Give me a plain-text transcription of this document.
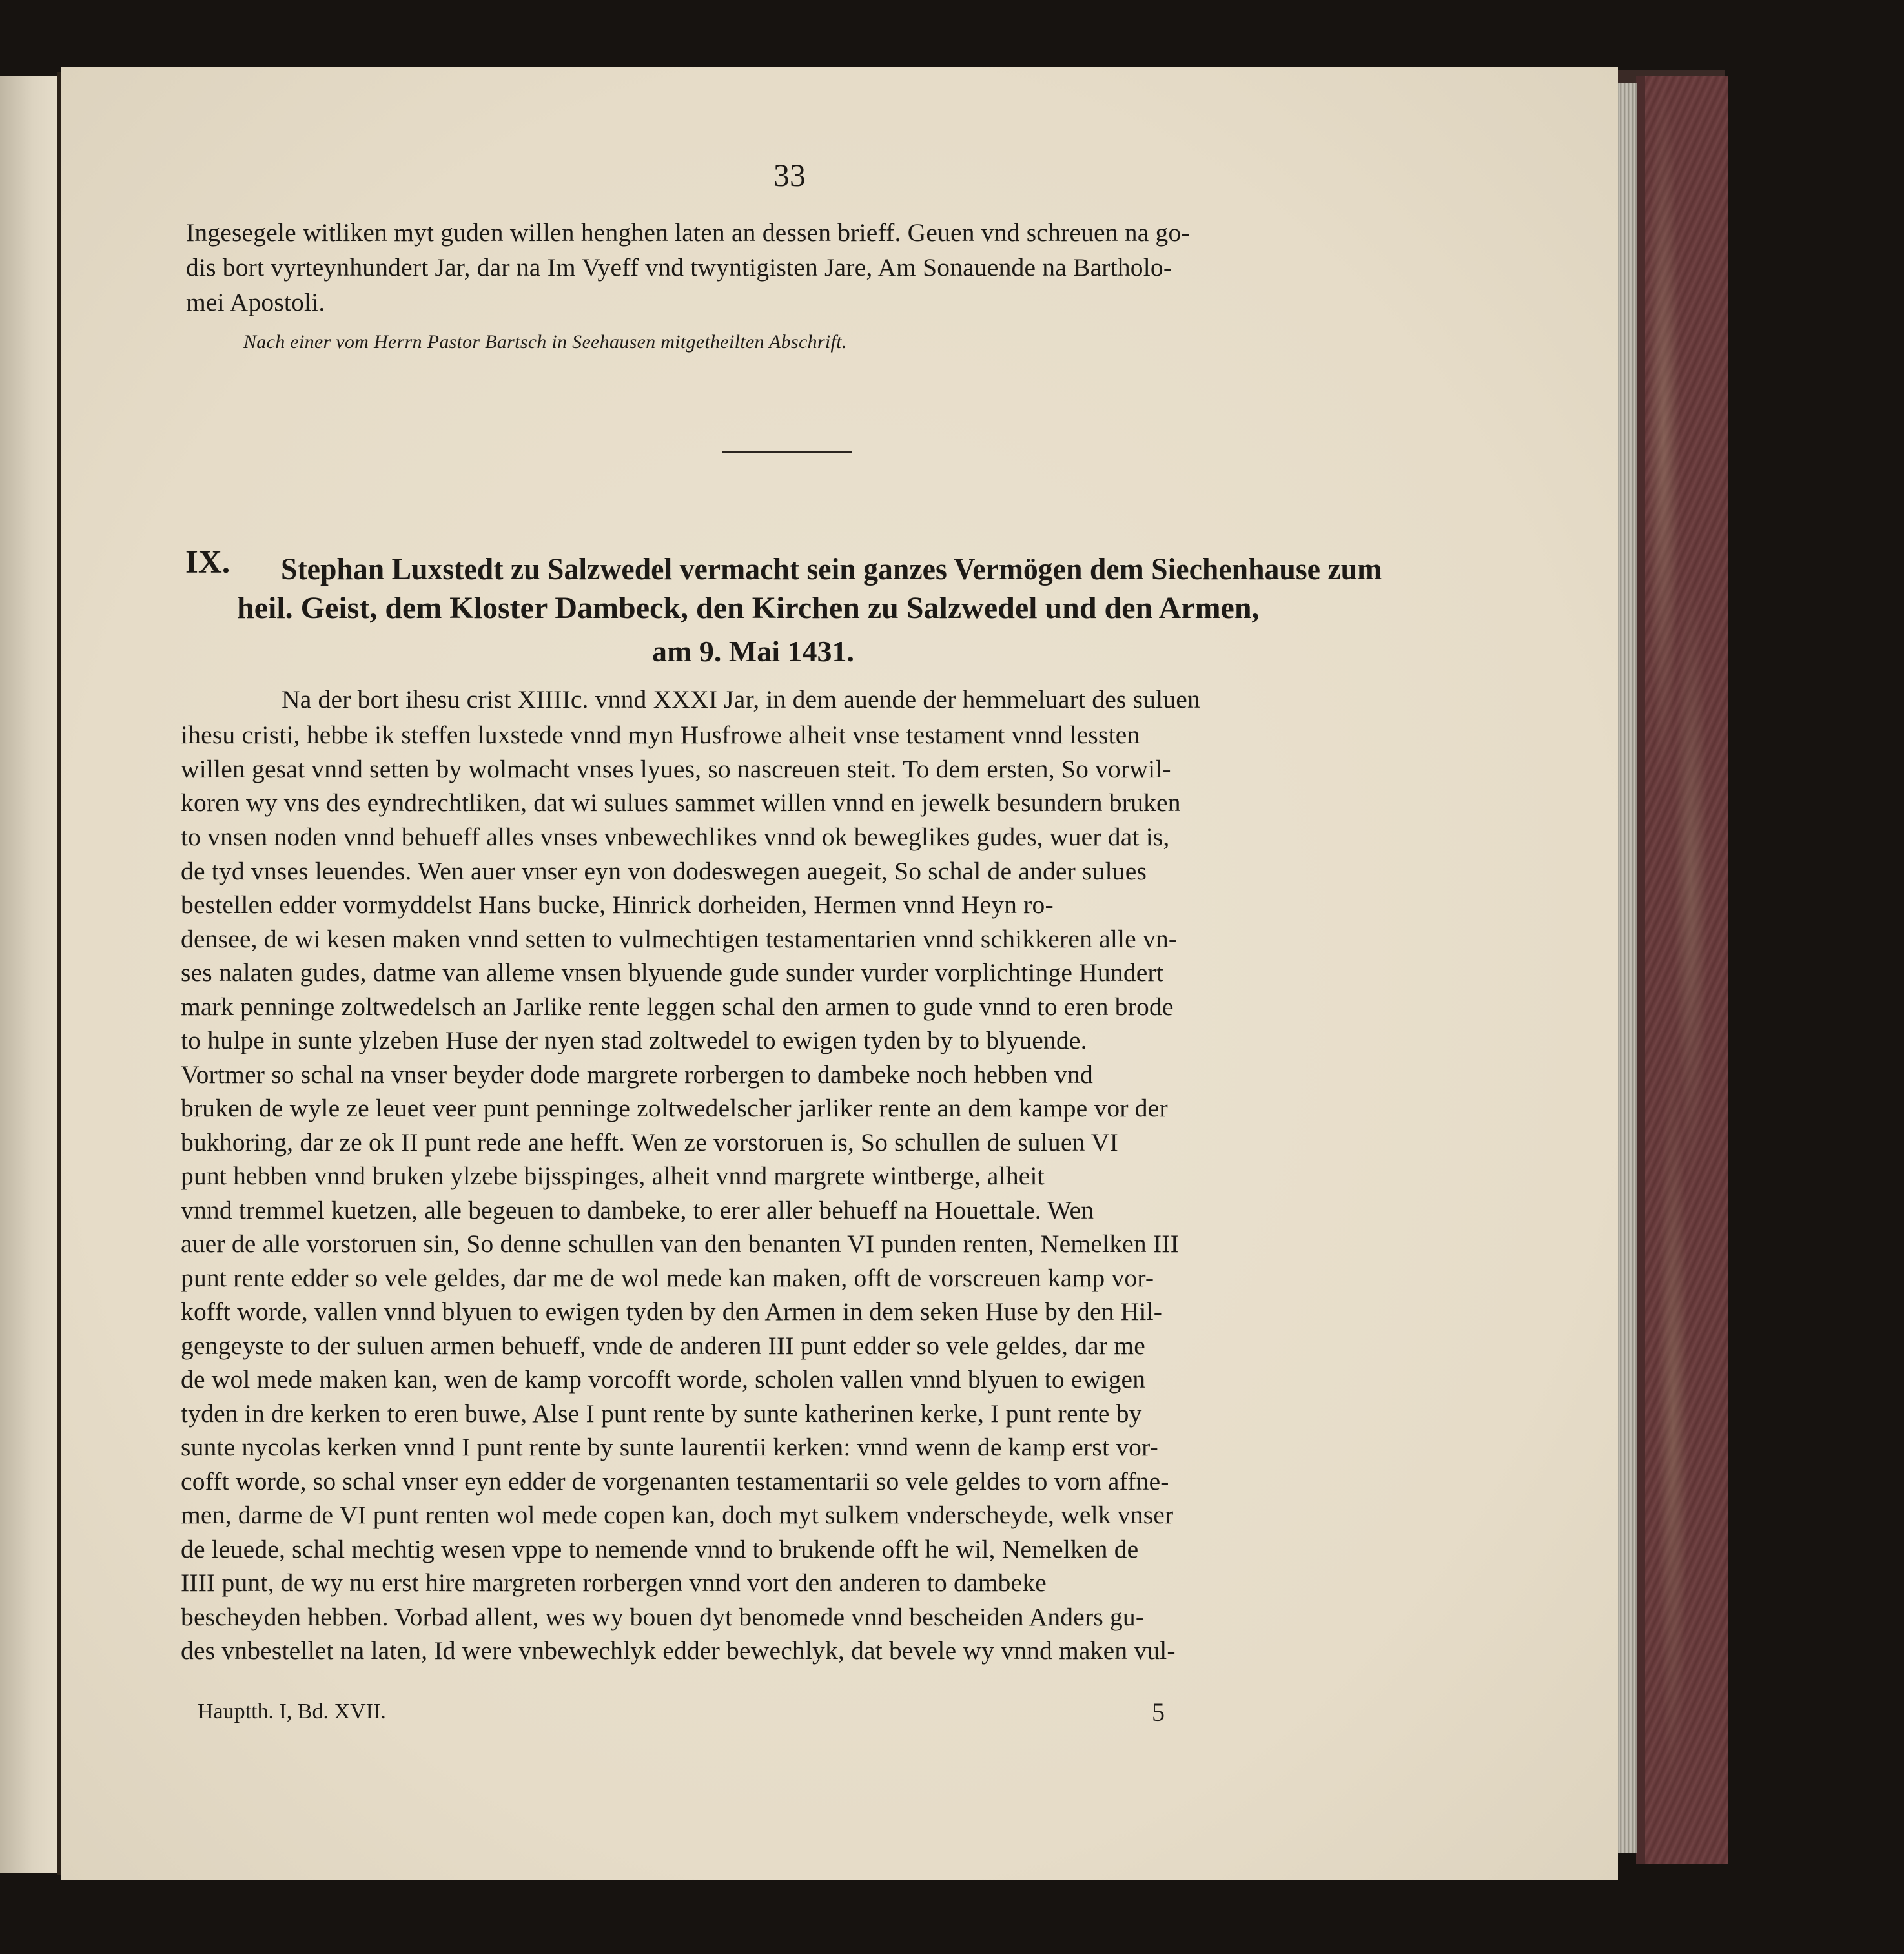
33
Ingesegele witliken myt guden willen henghen laten an dessen brieff. Geuen vnd schreuen na go-
dis bort vyrteynhundert Jar, dar na Im Vyeff vnd twyntigisten Jare, Am Sonauende na Bartholo-
mei Apostoli.
Nach einer vom Herrn Pastor Bartsch in Seehausen mitgetheilten Abschrift.
IX. Stephan Luxstedt zu Salzwedel vermacht sein ganzes Vermögen dem Siechenhause zum
heil. Geist, dem Kloster Dambeck, den Kirchen zu Salzwedel und den Armen,
am 9. Mai 1431.
Na der bort ihesu crist XIIIIc. vnnd XXXI Jar, in dem auende der hemmeluart des suluen
ihesu cristi, hebbe ik steffen luxstede vnnd myn Husfrowe alheit vnse testament vnnd lessten
willen gesat vnnd setten by wolmacht vnses lyues, so nascreuen steit. To dem ersten, So vorwil-
koren wy vns des eyndrechtliken, dat wi sulues sammet willen vnnd en jewelk besundern bruken
to vnsen noden vnnd behueff alles vnses vnbewechlikes vnnd ok beweglikes gudes, wuer dat is,
de tyd vnses leuendes. Wen auer vnser eyn von dodeswegen auegeit, So schal de ander sulues
bestellen edder vormyddelst Hans bucke, Hinrick dorheiden, Hermen vnnd Heyn ro-
densee, de wi kesen maken vnnd setten to vulmechtigen testamentarien vnnd schikkeren alle vn-
ses nalaten gudes, datme van alleme vnsen blyuende gude sunder vurder vorplichtinge Hundert
mark penninge zoltwedelsch an Jarlike rente leggen schal den armen to gude vnnd to eren brode
to hulpe in sunte ylzeben Huse der nyen stad zoltwedel to ewigen tyden by to blyuende.
Vortmer so schal na vnser beyder dode margrete rorbergen to dambeke noch hebben vnd
bruken de wyle ze leuet veer punt penninge zoltwedelscher jarliker rente an dem kampe vor der
bukhoring, dar ze ok II punt rede ane hefft. Wen ze vorstoruen is, So schullen de suluen VI
punt hebben vnnd bruken ylzebe bijsspinges, alheit vnnd margrete wintberge, alheit
vnnd tremmel kuetzen, alle begeuen to dambeke, to erer aller behueff na Houettale. Wen
auer de alle vorstoruen sin, So denne schullen van den benanten VI punden renten, Nemelken III
punt rente edder so vele geldes, dar me de wol mede kan maken, offt de vorscreuen kamp vor-
kofft worde, vallen vnnd blyuen to ewigen tyden by den Armen in dem seken Huse by den Hil-
gengeyste to der suluen armen behueff, vnde de anderen III punt edder so vele geldes, dar me
de wol mede maken kan, wen de kamp vorcofft worde, scholen vallen vnnd blyuen to ewigen
tyden in dre kerken to eren buwe, Alse I punt rente by sunte katherinen kerke, I punt rente by
sunte nycolas kerken vnnd I punt rente by sunte laurentii kerken: vnnd wenn de kamp erst vor-
cofft worde, so schal vnser eyn edder de vorgenanten testamentarii so vele geldes to vorn affne-
men, darme de VI punt renten wol mede copen kan, doch myt sulkem vnderscheyde, welk vnser
de leuede, schal mechtig wesen vppe to nemende vnnd to brukende offt he wil, Nemelken de
IIII punt, de wy nu erst hire margreten rorbergen vnnd vort den anderen to dambeke
bescheyden hebben. Vorbad allent, wes wy bouen dyt benomede vnnd bescheiden Anders gu-
des vnbestellet na laten, Id were vnbewechlyk edder bewechlyk, dat bevele wy vnnd maken vul-
Hauptth. I, Bd. XVII.	5
